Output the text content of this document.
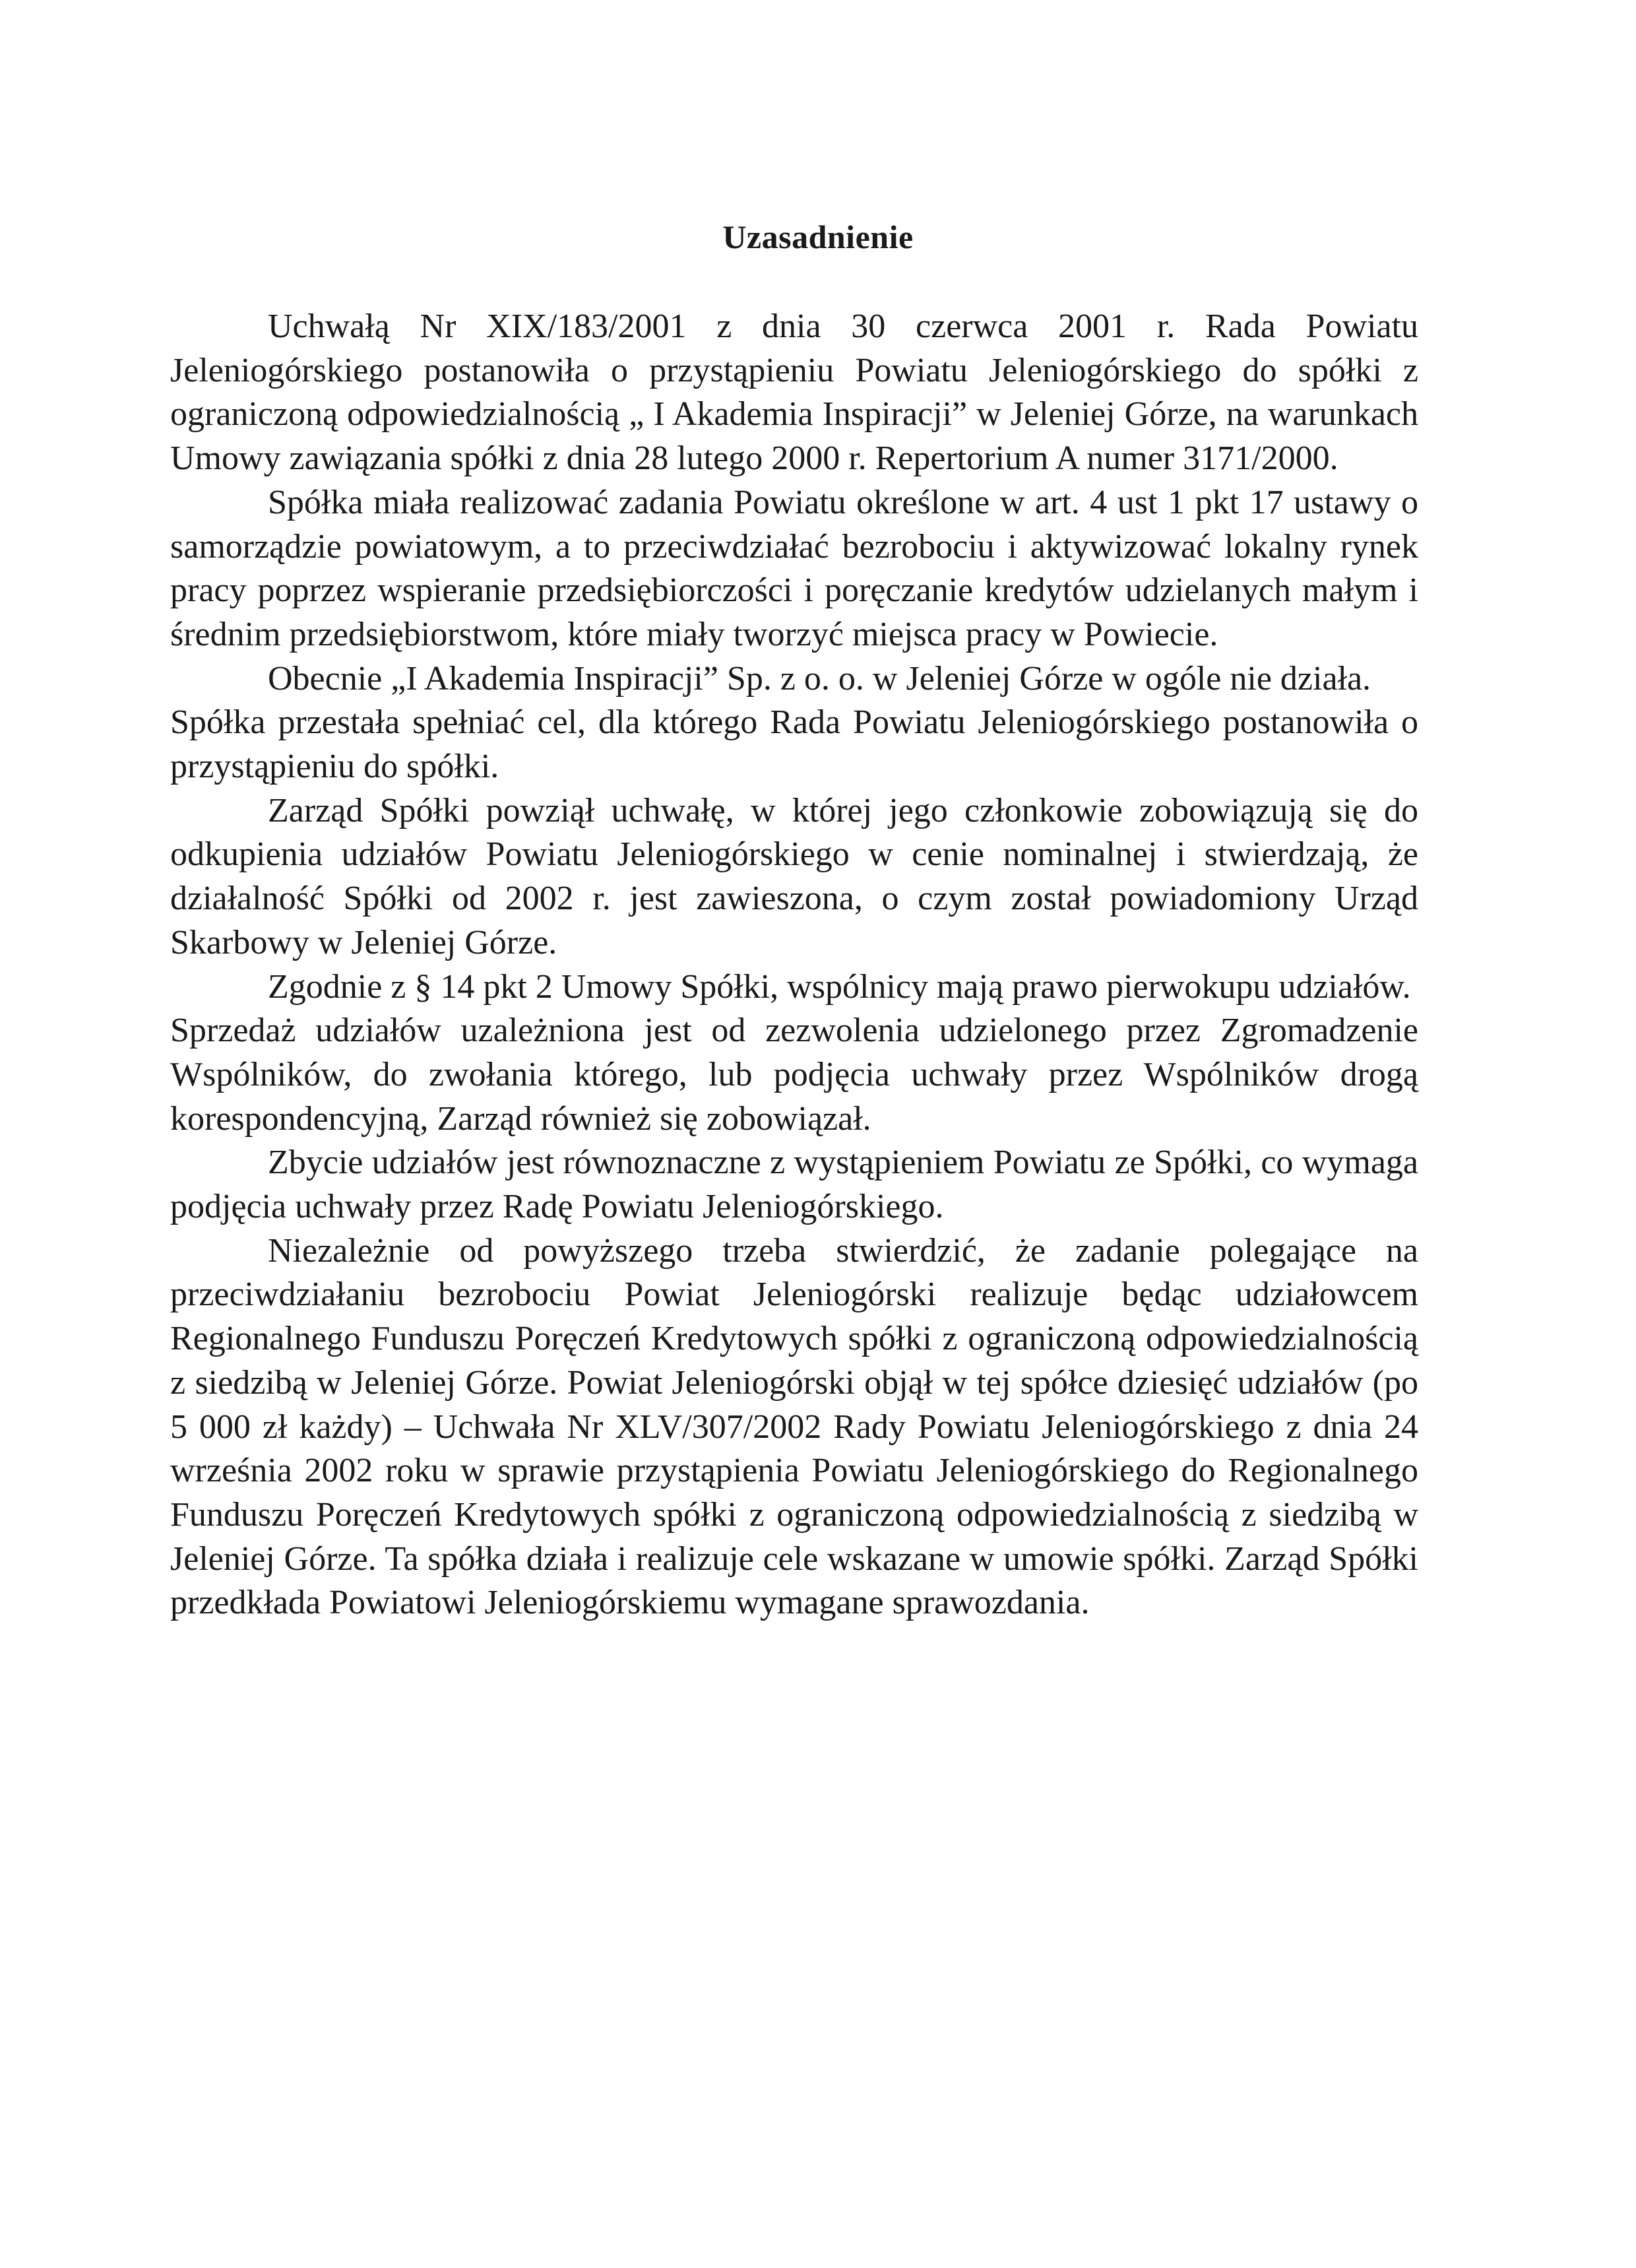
Uzasadnienie

Uchwałą Nr XIX/183/2001 z dnia 30 czerwca 2001 r. Rada Powiatu Jeleniogórskiego postanowiła o przystąpieniu Powiatu Jeleniogórskiego do spółki z ograniczoną odpowiedzialnością „ I Akademia Inspiracji” w Jeleniej Górze, na warunkach Umowy zawiązania spółki z dnia 28 lutego 2000 r. Repertorium A numer 3171/2000.

Spółka miała realizować zadania Powiatu określone w art. 4 ust 1 pkt 17 ustawy o samorządzie powiatowym, a to przeciwdziałać bezrobociu i aktywizować lokalny rynek pracy poprzez wspieranie przedsiębiorczości i poręczanie kredytów udzielanych małym i średnim przedsiębiorstwom, które miały tworzyć miejsca pracy w Powiecie.

Obecnie „I Akademia Inspiracji” Sp. z o. o. w Jeleniej Górze w ogóle nie działa.

Spółka przestała spełniać cel, dla którego Rada Powiatu Jeleniogórskiego postanowiła o przystąpieniu do spółki.

Zarząd Spółki powziął uchwałę, w której jego członkowie zobowiązują się do odkupienia udziałów Powiatu Jeleniogórskiego w cenie nominalnej i stwierdzają, że działalność Spółki od 2002 r. jest zawieszona, o czym został powiadomiony Urząd Skarbowy w Jeleniej Górze.

Zgodnie z § 14 pkt 2 Umowy Spółki, wspólnicy mają prawo pierwokupu udziałów.

Sprzedaż udziałów uzależniona jest od zezwolenia udzielonego przez Zgromadzenie Wspólników, do zwołania którego, lub podjęcia uchwały przez Wspólników drogą korespondencyjną, Zarząd również się zobowiązał.

Zbycie udziałów jest równoznaczne z wystąpieniem Powiatu ze Spółki, co wymaga podjęcia uchwały przez Radę Powiatu Jeleniogórskiego.

Niezależnie od powyższego trzeba stwierdzić, że zadanie polegające na przeciwdziałaniu bezrobociu Powiat Jeleniogórski realizuje będąc udziałowcem Regionalnego Funduszu Poręczeń Kredytowych spółki z ograniczoną odpowiedzialnością z siedzibą w Jeleniej Górze. Powiat Jeleniogórski objął w tej spółce dziesięć udziałów (po 5 000 zł każdy) – Uchwała Nr XLV/307/2002 Rady Powiatu Jeleniogórskiego z dnia 24 września 2002 roku w sprawie przystąpienia Powiatu Jeleniogórskiego do Regionalnego Funduszu Poręczeń Kredytowych spółki z ograniczoną odpowiedzialnością z siedzibą w Jeleniej Górze. Ta spółka działa i realizuje cele wskazane w umowie spółki. Zarząd Spółki przedkłada Powiatowi Jeleniogórskiemu wymagane sprawozdania.
